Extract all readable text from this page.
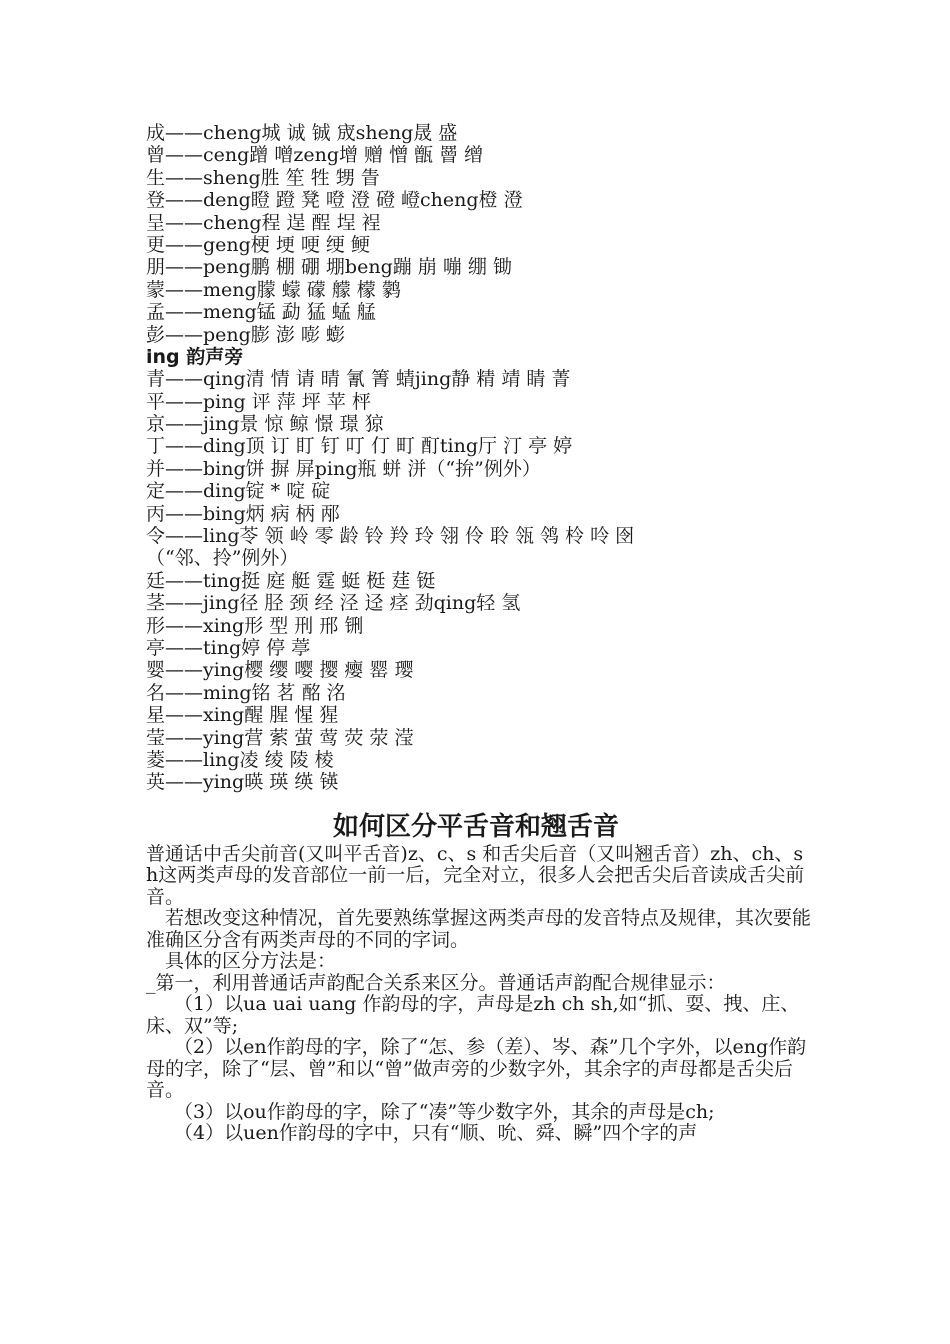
成——cheng城 诚 铖 宬sheng晟 盛
曾——ceng蹭 噌zeng增 赠 憎 甑 罾 缯
生——sheng胜 笙 牲 甥 眚
登——deng瞪 蹬 凳 噔 澄 磴 嶝cheng橙 澄
呈——cheng程 逞 酲 埕 裎
更——geng梗 埂 哽 绠 鲠
朋——peng鹏 棚 硼 堋beng蹦 崩 嘣 绷 锄
蒙——meng朦 蠓 礞 艨 檬 鹲
孟——meng锰 勐 猛 蜢 艋
彭——peng膨 澎 嘭 蟛
ing 韵声旁
青——qing清 情 请 晴 氰 箐 蜻jing静 精 靖 睛 菁
平——ping 评 萍 坪 苹 枰
京——jing景 惊 鲸 憬 璟 猄
丁——ding顶 订 盯 钉 叮 仃 町 酊ting厅 汀 亭 婷
并——bing饼 摒 屏ping瓶 蛢 洴（“拚”例外）
定——ding锭 * 啶 碇
丙——bing炳 病 柄 邴
令——ling苓 领 岭 零 龄 铃 羚 玲 翎 伶 聆 瓴 鸰 柃 呤 囹
（“邻、拎”例外）
廷——ting挺 庭 艇 霆 蜓 梃 莛 铤
茎——jing径 胫 颈 经 泾 迳 痉 劲qing轻 氢
形——xing形 型 刑 邢 铏
亭——ting婷 停 葶
婴——ying樱 缨 嘤 撄 瘿 罂 璎
名——ming铭 茗 酩 洺
星——xing醒 腥 惺 猩
莹——ying营 萦 萤 莺 荧 荥 滢
菱——ling凌 绫 陵 棱
英——ying暎 瑛 绬 锳
如何区分平舌音和翘舌音
普通话中舌尖前音(又叫平舌音)z、c、s 和舌尖后音（又叫翘舌音）zh、ch、sh这两类声母的发音部位一前一后，完全对立，很多人会把舌尖后音读成舌尖前音。
若想改变这种情况，首先要熟练掌握这两类声母的发音特点及规律，其次要能准确区分含有两类声母的不同的字词。
具体的区分方法是：
_第一，利用普通话声韵配合关系来区分。普通话声韵配合规律显示：
（1）以ua uai uang 作韵母的字，声母是zh ch sh,如“抓、耍、拽、庄、床、双”等;
（2）以en作韵母的字，除了“怎、参（差）、岑、森”几个字外，以eng作韵母的字，除了“层、曾”和以“曾”做声旁的少数字外，其余字的声母都是舌尖后音。
（3）以ou作韵母的字，除了“凑”等少数字外，其余的声母是ch;
（4）以uen作韵母的字中，只有“顺、吮、舜、瞬”四个字的声
